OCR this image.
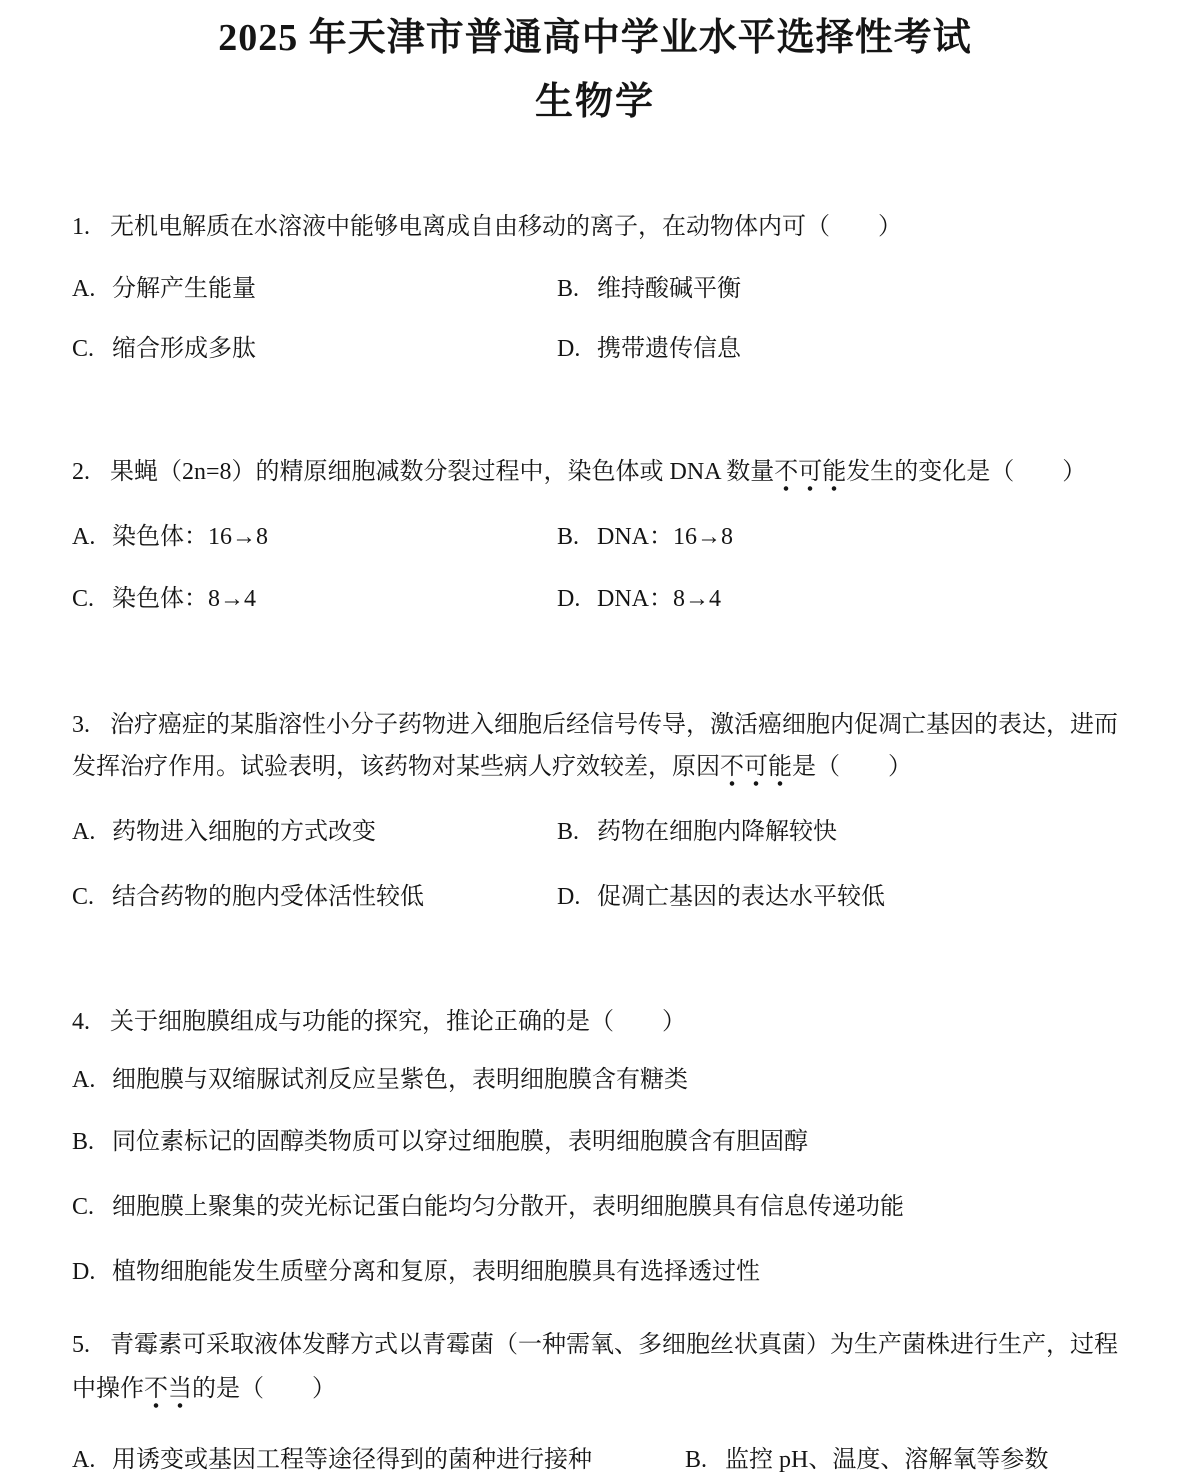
2025 年天津市普通高中学业水平选择性考试
生物学
1. 无机电解质在水溶液中能够电离成自由移动的离子，在动物体内可（　　）
A. 分解产生能量	B. 维持酸碱平衡
C. 缩合形成多肽	D. 携带遗传信息
2. 果蝇（2n=8）的精原细胞减数分裂过程中，染色体或 DNA 数量不可能发生的变化是（　　）
A. 染色体：16→8	B. DNA：16→8
C. 染色体：8→4	D. DNA：8→4
3. 治疗癌症的某脂溶性小分子药物进入细胞后经信号传导，激活癌细胞内促凋亡基因的表达，进而
发挥治疗作用。试验表明，该药物对某些病人疗效较差，原因不可能是（　　）
A. 药物进入细胞的方式改变	B. 药物在细胞内降解较快
C. 结合药物的胞内受体活性较低	D. 促凋亡基因的表达水平较低
4. 关于细胞膜组成与功能的探究，推论正确的是（　　）
A. 细胞膜与双缩脲试剂反应呈紫色，表明细胞膜含有糖类
B. 同位素标记的固醇类物质可以穿过细胞膜，表明细胞膜含有胆固醇
C. 细胞膜上聚集的荧光标记蛋白能均匀分散开，表明细胞膜具有信息传递功能
D. 植物细胞能发生质壁分离和复原，表明细胞膜具有选择透过性
5. 青霉素可采取液体发酵方式以青霉菌（一种需氧、多细胞丝状真菌）为生产菌株进行生产，过程
中操作不当的是（　　）
A. 用诱变或基因工程等途径得到的菌种进行接种	B. 监控 pH、温度、溶解氧等参数
